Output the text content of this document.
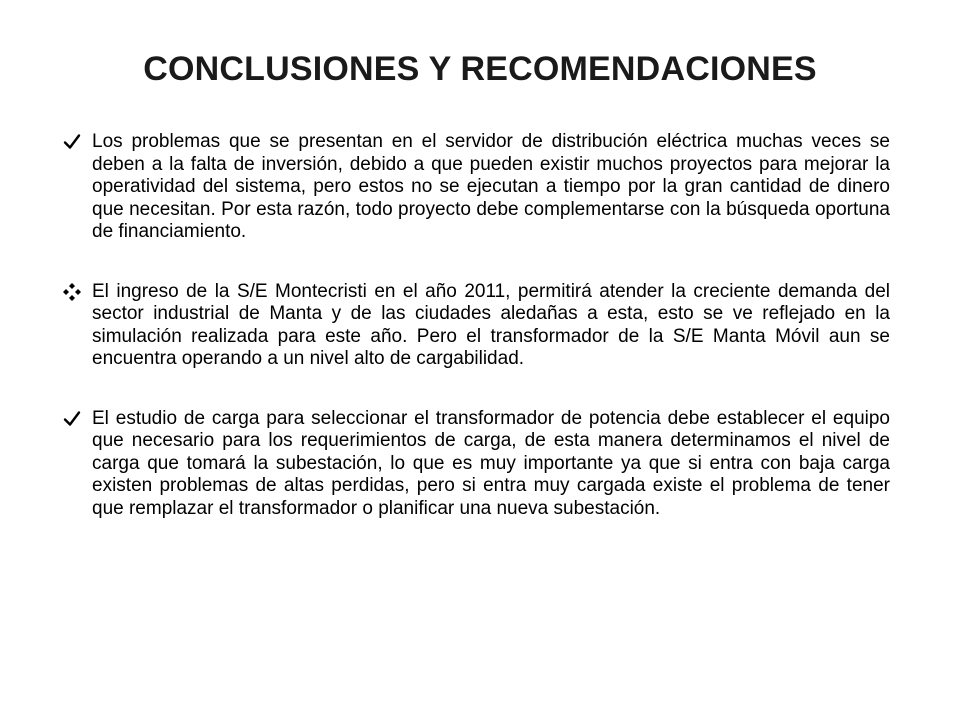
CONCLUSIONES Y RECOMENDACIONES
Los problemas que se presentan en el servidor de distribución eléctrica muchas veces se deben a la falta de inversión, debido a que pueden existir muchos proyectos para mejorar la operatividad del sistema, pero estos no se ejecutan a tiempo por la gran cantidad de dinero que necesitan. Por esta razón, todo proyecto debe complementarse con la búsqueda oportuna de financiamiento.
El ingreso de la S/E Montecristi en el año 2011, permitirá atender la creciente demanda del sector industrial de Manta y de las ciudades aledañas a esta, esto se ve reflejado en la simulación realizada para este año. Pero el transformador de la S/E Manta Móvil aun se encuentra operando a un nivel alto de cargabilidad.
El estudio de carga para seleccionar el transformador de potencia debe establecer el equipo que necesario para los requerimientos de carga, de esta manera determinamos el nivel de carga que tomará la subestación, lo que es muy importante ya que si entra con baja carga existen problemas de altas perdidas, pero si entra muy cargada existe el problema de tener que remplazar el transformador o planificar una nueva subestación.
